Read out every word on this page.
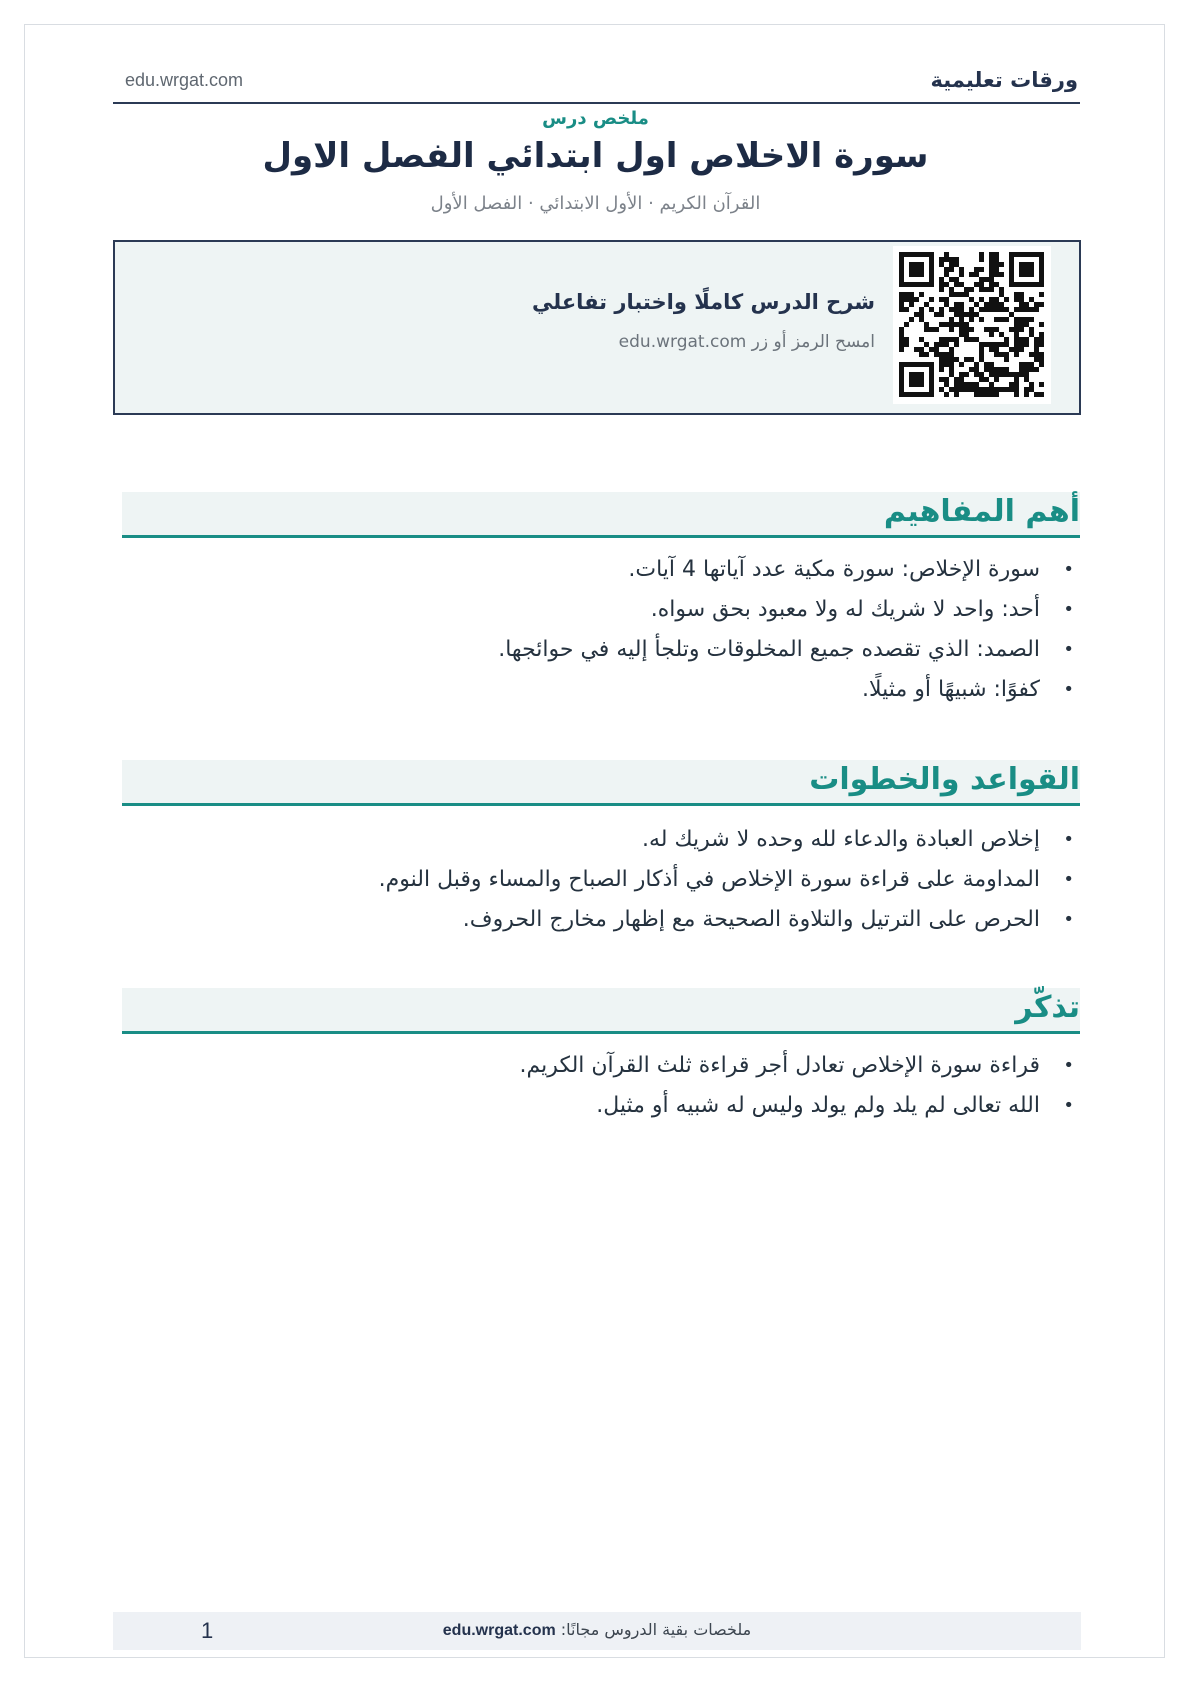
ورقات تعليمية
edu.wrgat.com
ملخص درس
سورة الاخلاص اول ابتدائي الفصل الاول
القرآن الكريم · الأول الابتدائي · الفصل الأول
شرح الدرس كاملًا واختبار تفاعلي
امسح الرمز أو زر edu.wrgat.com
أهم المفاهيم
• سورة الإخلاص: سورة مكية عدد آياتها 4 آيات.
• أحد: واحد لا شريك له ولا معبود بحق سواه.
• الصمد: الذي تقصده جميع المخلوقات وتلجأ إليه في حوائجها.
• كفوًا: شبيهًا أو مثيلًا.
القواعد والخطوات
• إخلاص العبادة والدعاء لله وحده لا شريك له.
• المداومة على قراءة سورة الإخلاص في أذكار الصباح والمساء وقبل النوم.
• الحرص على الترتيل والتلاوة الصحيحة مع إظهار مخارج الحروف.
تذكّر
• قراءة سورة الإخلاص تعادل أجر قراءة ثلث القرآن الكريم.
• الله تعالى لم يلد ولم يولد وليس له شبيه أو مثيل.
ملخصات بقية الدروس مجانًا: edu.wrgat.com
1
